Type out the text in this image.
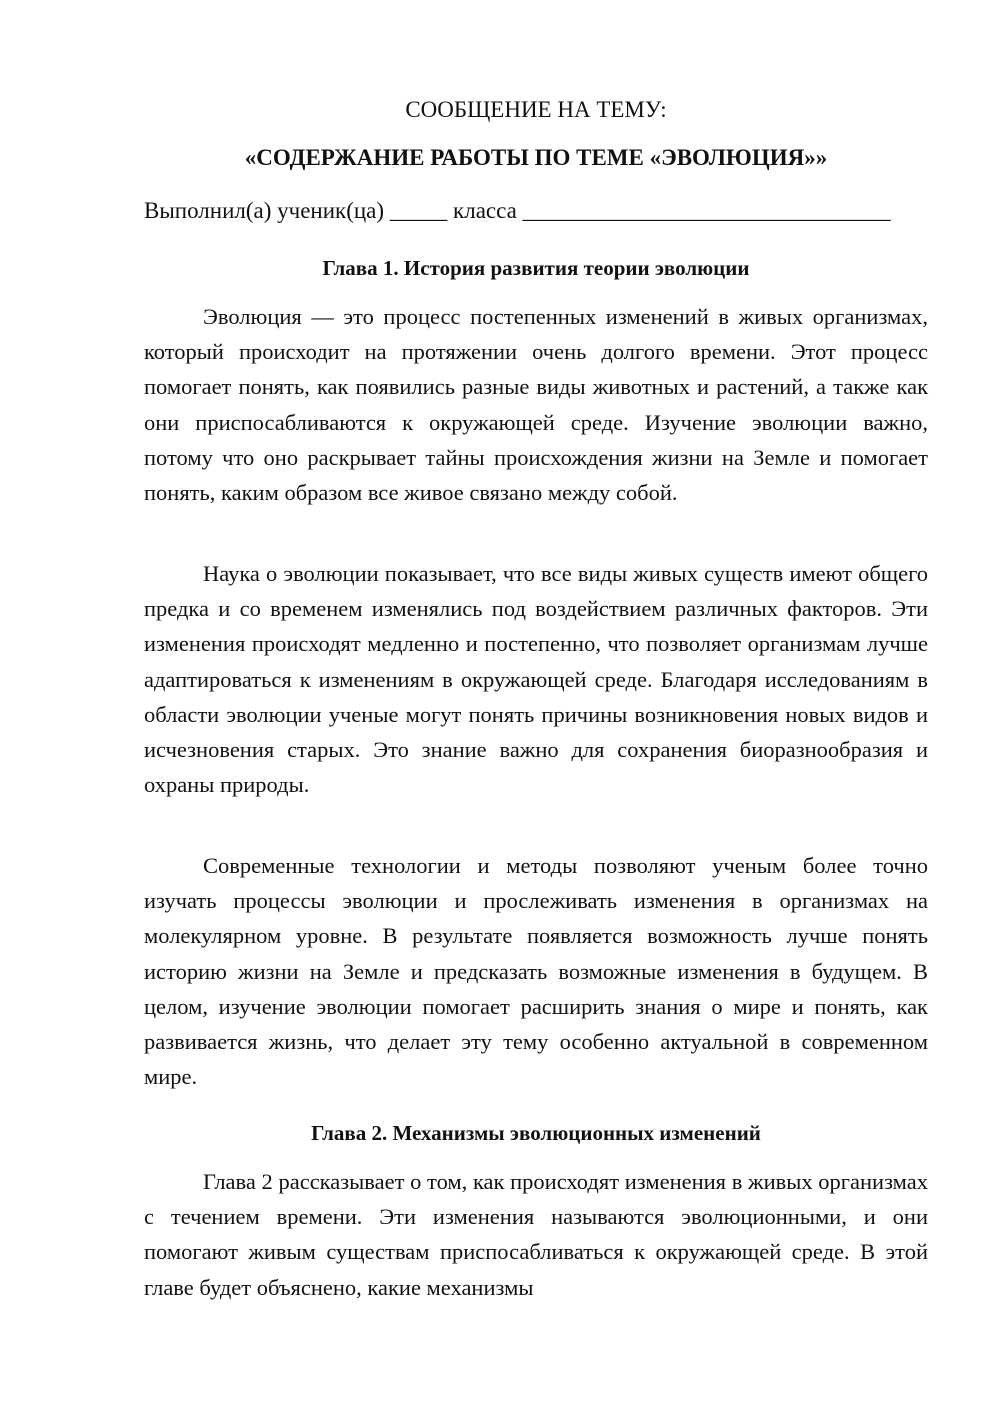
СООБЩЕНИЕ НА ТЕМУ:

«СОДЕРЖАНИЕ РАБОТЫ ПО ТЕМЕ «ЭВОЛЮЦИЯ»»

Выполнил(а) ученик(ца) _____ класса ________________________________
Глава 1. История развития теории эволюции

Эволюция — это процесс постепенных изменений в живых организмах, который происходит на протяжении очень долгого времени. Этот процесс помогает понять, как появились разные виды животных и растений, а также как они приспосабливаются к окружающей среде. Изучение эволюции важно, потому что оно раскрывает тайны происхождения жизни на Земле и помогает понять, каким образом все живое связано между собой.

Наука о эволюции показывает, что все виды живых существ имеют общего предка и со временем изменялись под воздействием различных факторов. Эти изменения происходят медленно и постепенно, что позволяет организмам лучше адаптироваться к изменениям в окружающей среде. Благодаря исследованиям в области эволюции ученые могут понять причины возникновения новых видов и исчезновения старых. Это знание важно для сохранения биоразнообразия и охраны природы.

Современные технологии и методы позволяют ученым более точно изучать процессы эволюции и прослеживать изменения в организмах на молекулярном уровне. В результате появляется возможность лучше понять историю жизни на Земле и предсказать возможные изменения в будущем. В целом, изучение эволюции помогает расширить знания о мире и понять, как развивается жизнь, что делает эту тему особенно актуальной в современном мире.

Глава 2. Механизмы эволюционных изменений

Глава 2 рассказывает о том, как происходят изменения в живых организмах с течением времени. Эти изменения называются эволюционными, и они помогают живым существам приспосабливаться к окружающей среде. В этой главе будет объяснено, какие механизмы
